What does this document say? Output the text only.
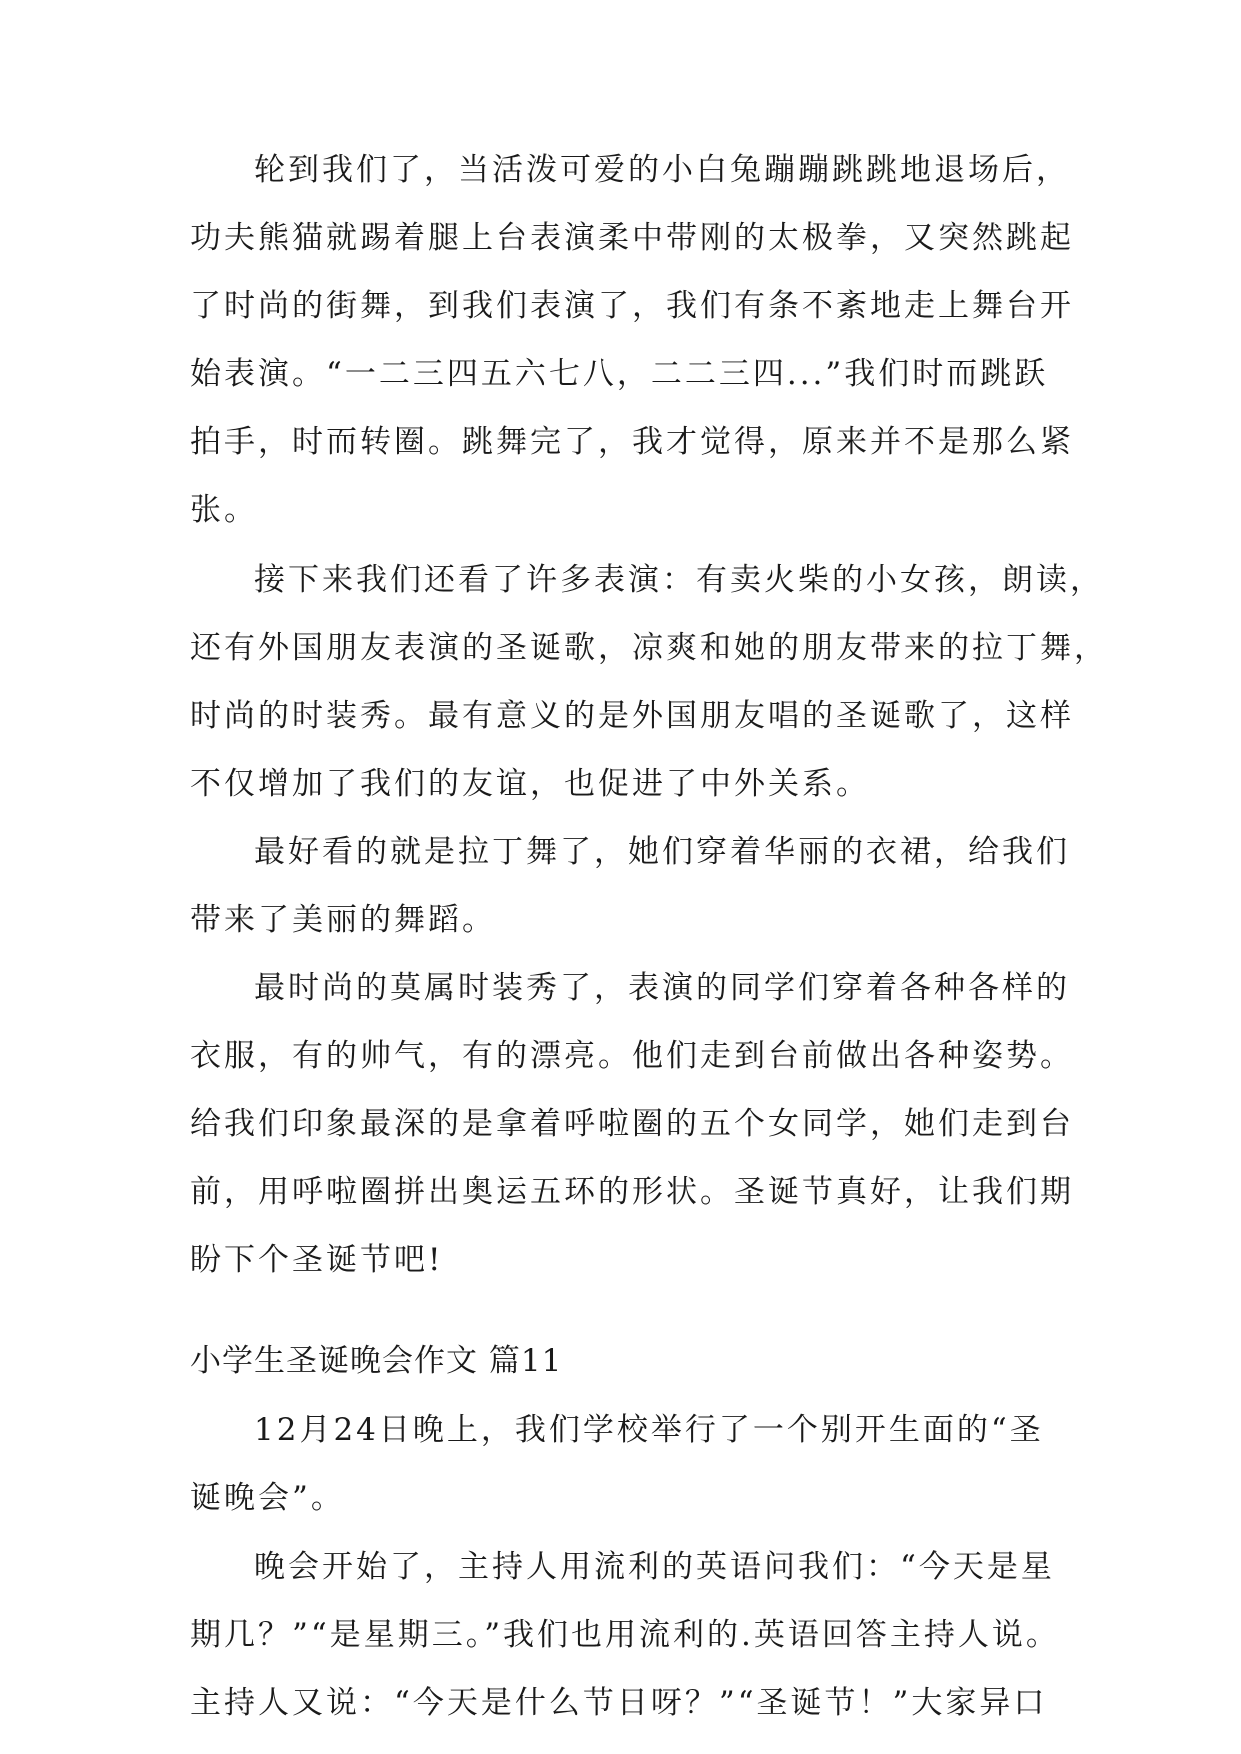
轮到我们了，当活泼可爱的小白兔蹦蹦跳跳地退场后，
功夫熊猫就踢着腿上台表演柔中带刚的太极拳，又突然跳起
了时尚的街舞，到我们表演了，我们有条不紊地走上舞台开
始表演。“一二三四五六七八，二二三四...”我们时而跳跃
拍手，时而转圈。跳舞完了，我才觉得，原来并不是那么紧
张。
接下来我们还看了许多表演：有卖火柴的小女孩，朗读，
还有外国朋友表演的圣诞歌，凉爽和她的朋友带来的拉丁舞，
时尚的时装秀。最有意义的是外国朋友唱的圣诞歌了，这样
不仅增加了我们的友谊，也促进了中外关系。
最好看的就是拉丁舞了，她们穿着华丽的衣裙，给我们
带来了美丽的舞蹈。
最时尚的莫属时装秀了，表演的同学们穿着各种各样的
衣服，有的帅气，有的漂亮。他们走到台前做出各种姿势。
给我们印象最深的是拿着呼啦圈的五个女同学，她们走到台
前，用呼啦圈拼出奥运五环的形状。圣诞节真好，让我们期
盼下个圣诞节吧!
小学生圣诞晚会作文 篇11
12月24日晚上，我们学校举行了一个别开生面的“圣
诞晚会”。
晚会开始了，主持人用流利的英语问我们：“今天是星
期几？”“是星期三。”我们也用流利的.英语回答主持人说。
主持人又说：“今天是什么节日呀？”“圣诞节！”大家异口
